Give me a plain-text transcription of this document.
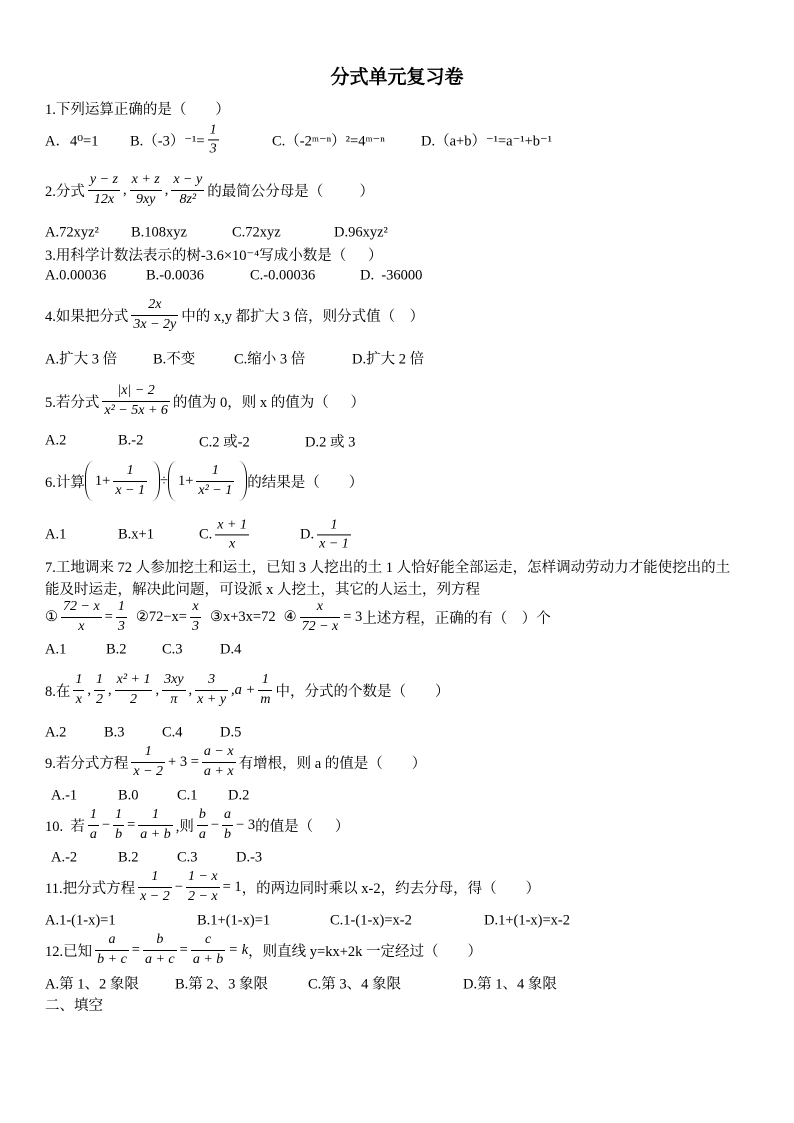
分式单元复习卷
1.下列运算正确的是（        ）
A．4⁰=1 $B.(-3)^{-1}= \frac{1}{3}$	C.（-2ᵐ⁻ⁿ）²=4ᵐ⁻ⁿ D.（a+b）⁻¹=a⁻¹+b⁻¹
2.分式 $\frac{y - z}{12x}$ , $\frac{x + z}{9xy}$ , $\frac{x - y}{\text{8z²}}$ 的最简公分母是（          ）
A.72xyz² B.108xyz	C.72xyz	D.96xyz²
3.用科学计数法表示的树-3.6×10⁻⁴写成小数是（      ）
A.0.00036	B.-0.0036	C.-0.00036	D.  -36000
4.如果把分式 $\frac{2x}{3x - 2y}$ 中的 x,y 都扩大 3 倍，则分式值（    ）
A.扩大 3 倍 B.不变	C.缩小 3 倍	D.扩大 2 倍
5.若分式 $\frac{|x| - 2}{\text{x² − 5x + 6}}$ 的值为 0，则 x 的值为（      ）
A.2	B.-2	C.2 或-2	D.2 或 3
6.计算 $1+ \frac{1}{x - 1} \div 1+ \frac{1}{\text{x² − 1}}$ 的结果是（        ）
A.1	B.x+1	C. $\frac{x + 1}{x}$	D. $\frac{1}{x - 1}$
7.工地调来 72 人参加挖土和运土，已知 3 人挖出的土 1 人恰好能全部运走，怎样调动劳动力才能使挖出的土
能及时运走，解决此问题，可设派 x 人挖土，其它的人运土，列方程
① $\frac{72 - x}{x} = \frac{1}{3}$ ②72−x= $\frac{x}{3}$ ③x+3x=72 ④ $\frac{x}{72 - x} = 3$ 上述方程，正确的有（    ）个
A.1	B.2 C.3	D.4
8.在 $\frac{1}{x}$ , $\frac{1}{2}$ , $\frac{\text{x² + 1}}{2}$ , $\frac{3xy}{\pi}$ , $\frac{3}{x + y}$ , $a + \frac{1}{m}$ 中，分式的个数是（        ）
A.2	B.3	C.4	D.5
9.若分式方程 $\frac{1}{x - 2} + 3 = \frac{a - x}{a + x}$ 有增根，则 a 的值是（        ）
A.-1	B.0	C.1 D.2
10.  若 $\frac{1}{a} - \frac{1}{b} = \frac{1}{a + b}$ ,则 $\frac{b}{a} - \frac{a}{b} - 3$ 的值是（      ）
A.-2	B.2	C.3	D.-3
11.把分式方程 $\frac{1}{x - 2} - \frac{1 - x}{2 - x} = 1$ ，的两边同时乘以 x-2，约去分母，得（        ）
A.1-(1-x)=1	B.1+(1-x)=1	C.1-(1-x)=x-2	D.1+(1-x)=x-2
12.已知 $\frac{a}{b + c} = \frac{b}{a + c} = \frac{c}{a + b} = k$ ，则直线 y=kx+2k 一定经过（        ）
A.第 1、2 象限 B.第 2、3 象限	C.第 3、4 象限	D.第 1、4 象限
二、填空
